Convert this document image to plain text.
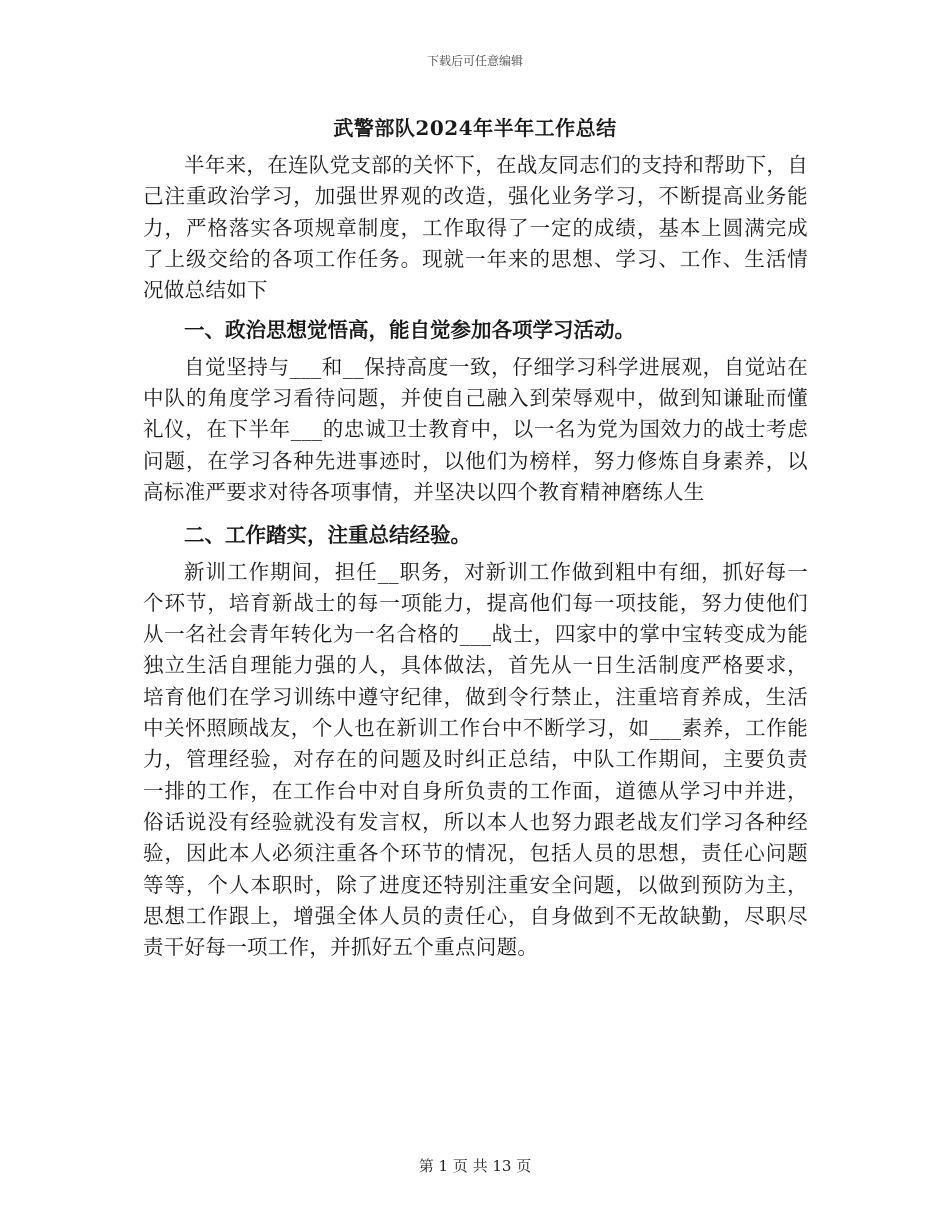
下载后可任意编辑
武警部队2024年半年工作总结

半年来，在连队党支部的关怀下，在战友同志们的支持和帮助下，自己注重政治学习，加强世界观的改造，强化业务学习，不断提高业务能力，严格落实各项规章制度，工作取得了一定的成绩，基本上圆满完成了上级交给的各项工作任务。现就一年来的思想、学习、工作、生活情况做总结如下

一、政治思想觉悟高，能自觉参加各项学习活动。

自觉坚持与___和__保持高度一致，仔细学习科学进展观，自觉站在中队的角度学习看待问题，并使自己融入到荣辱观中，做到知谦耻而懂礼仪，在下半年___的忠诚卫士教育中，以一名为党为国效力的战士考虑问题，在学习各种先进事迹时，以他们为榜样，努力修炼自身素养，以高标准严要求对待各项事情，并坚决以四个教育精神磨练人生

二、工作踏实，注重总结经验。

新训工作期间，担任__职务，对新训工作做到粗中有细，抓好每一个环节，培育新战士的每一项能力，提高他们每一项技能，努力使他们从一名社会青年转化为一名合格的___战士，四家中的掌中宝转变成为能独立生活自理能力强的人，具体做法，首先从一日生活制度严格要求，培育他们在学习训练中遵守纪律，做到令行禁止，注重培育养成，生活中关怀照顾战友，个人也在新训工作台中不断学习，如___素养，工作能力，管理经验，对存在的问题及时纠正总结，中队工作期间，主要负责一排的工作，在工作台中对自身所负责的工作面，道德从学习中并进，俗话说没有经验就没有发言权，所以本人也努力跟老战友们学习各种经验，因此本人必须注重各个环节的情况，包括人员的思想，责任心问题等等，个人本职时，除了进度还特别注重安全问题，以做到预防为主，思想工作跟上，增强全体人员的责任心，自身做到不无故缺勤，尽职尽责干好每一项工作，并抓好五个重点问题。

第 1 页 共 13 页
